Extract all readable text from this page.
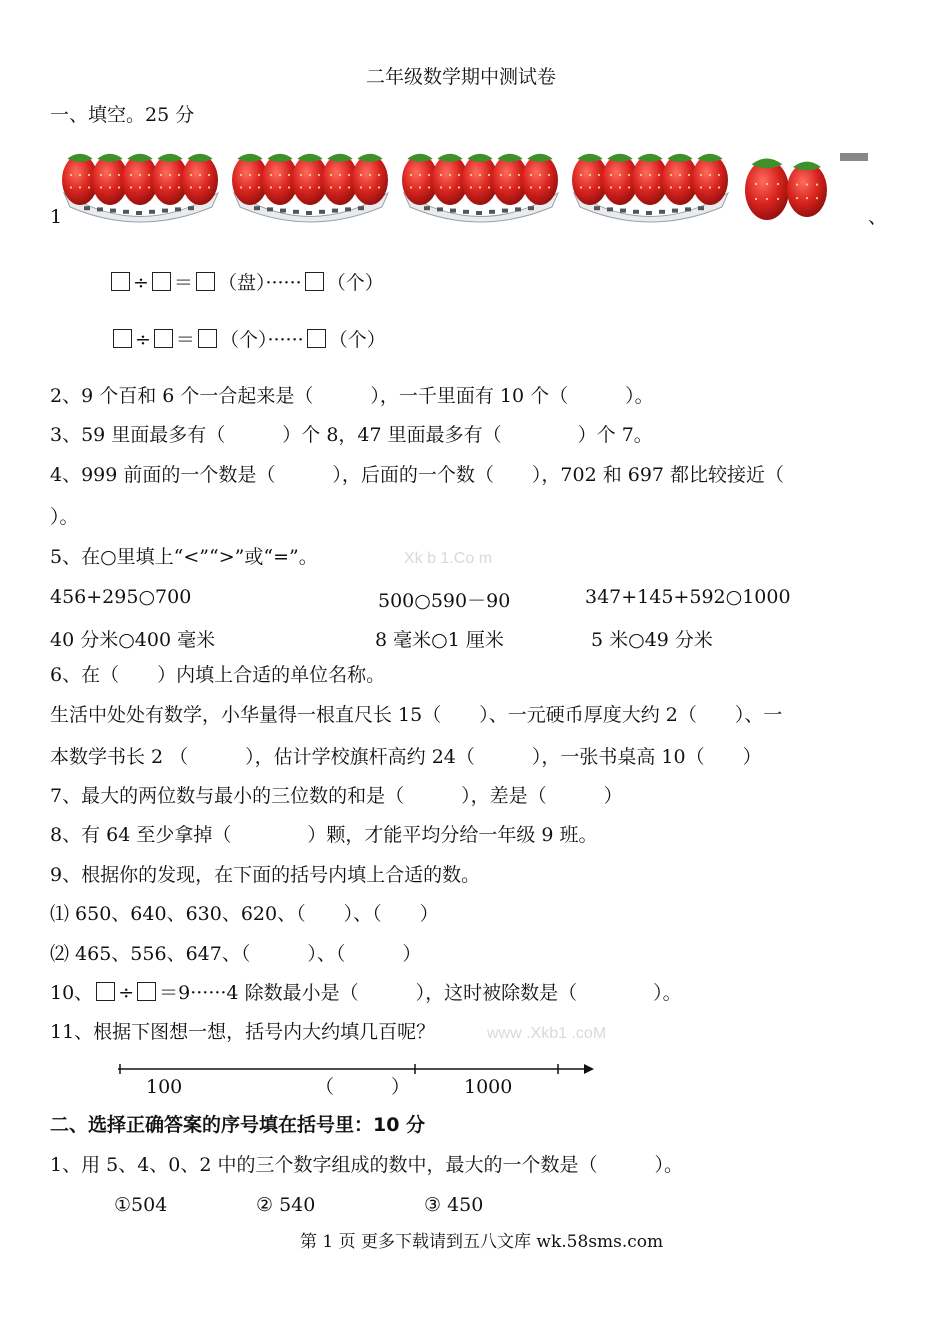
二年级数学期中测试卷
一、填空。25 分
1	、
÷ ＝ （盘）······ （个）
÷ ＝ （个）······ （个）
2、9 个百和 6 个一合起来是（　　　），一千里面有 10 个（　　　）。
3、59 里面最多有（　　　）个 8，47 里面最多有（　　　　）个 7。
4、999 前面的一个数是（　　　），后面的一个数（　　），702 和 697 都比较接近（
）。
5、在○里填上“<”“>”或“=”。	Xk b 1.Co m
456+295○700	500○590－90	347+145+592○1000
40 分米○400 毫米	8 毫米○1 厘米	5 米○49 分米
6、在（　　）内填上合适的单位名称。
生活中处处有数学，小华量得一根直尺长 15（　　）、一元硬币厚度大约 2（　　）、一
本数学书长 2 （　　　），估计学校旗杆高约 24（　　　），一张书桌高 10（　　）
7、最大的两位数与最小的三位数的和是（　　　），差是（　　　）
8、有 64 至少拿掉（　　　　）颗，才能平均分给一年级 9 班。
9、根据你的发现，在下面的括号内填上合适的数。
⑴ 650、640、630、620、（　　）、（　　）
⑵ 465、556、647、（　　　）、（　　　）
10、 ÷ ＝9······4 除数最小是（　　　），这时被除数是（　　　　）。
11、根据下图想一想，括号内大约填几百呢？	www .Xkb1 .coM
100	（　　　）	1000
二、选择正确答案的序号填在括号里：10 分
1、用 5、4、0、2 中的三个数字组成的数中，最大的一个数是（　　　）。
①504	② 540	③ 450
第 1 页 更多下载请到五八文库 wk.58sms.com
